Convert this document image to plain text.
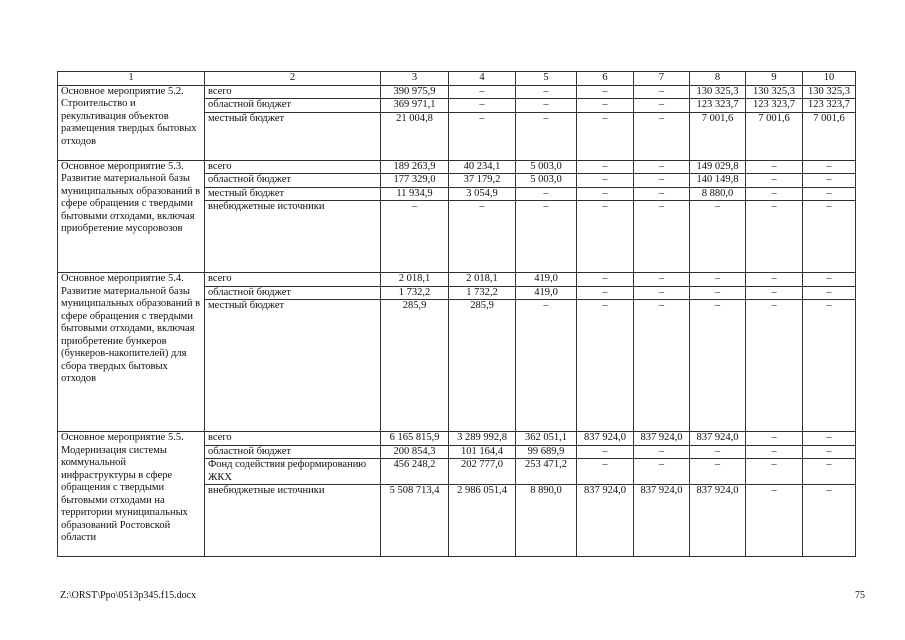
1	2	3	4	5	6	7	8	9	10
Основное мероприятие 5.2. Строительство и рекультивация объектов размещения твердых бытовых отходов	всего	390 975,9	–	–	–	–	130 325,3	130 325,3	130 325,3
	областной бюджет	369 971,1	–	–	–	–	123 323,7	123 323,7	123 323,7
	местный бюджет	21 004,8	–	–	–	–	7 001,6	7 001,6	7 001,6
Основное мероприятие 5.3. Развитие материальной базы муниципальных образований в сфере обращения с твердыми бытовыми отходами, включая приобретение мусоровозов	всего	189 263,9	40 234,1	5 003,0	–	–	149 029,8	–	–
	областной бюджет	177 329,0	37 179,2	5 003,0	–	–	140 149,8	–	–
	местный бюджет	11 934,9	3 054,9	–	–	–	8 880,0	–	–
	внебюджетные источники	–	–	–	–	–	–	–	–
Основное мероприятие 5.4. Развитие материальной базы муниципальных образований в сфере обращения с твердыми бытовыми отходами, включая приобретение бункеров (бункеров-накопителей) для сбора твердых бытовых отходов	всего	2 018,1	2 018,1	419,0	–	–	–	–	–
	областной бюджет	1 732,2	1 732,2	419,0	–	–	–	–	–
	местный бюджет	285,9	285,9	–	–	–	–	–	–
Основное мероприятие 5.5. Модернизация системы коммунальной инфраструктуры в сфере обращения с твердыми бытовыми отходами на территории муниципальных образований Ростовской области	всего	6 165 815,9	3 289 992,8	362 051,1	837 924,0	837 924,0	837 924,0	–	–
	областной бюджет	200 854,3	101 164,4	99 689,9	–	–	–	–	–
	Фонд содействия реформированию ЖКХ	456 248,2	202 777,0	253 471,2	–	–	–	–	–
	внебюджетные источники	5 508 713,4	2 986 051,4	8 890,0	837 924,0	837 924,0	837 924,0	–	–
Z:\ORST\Ppo\0513p345.f15.docx	75
